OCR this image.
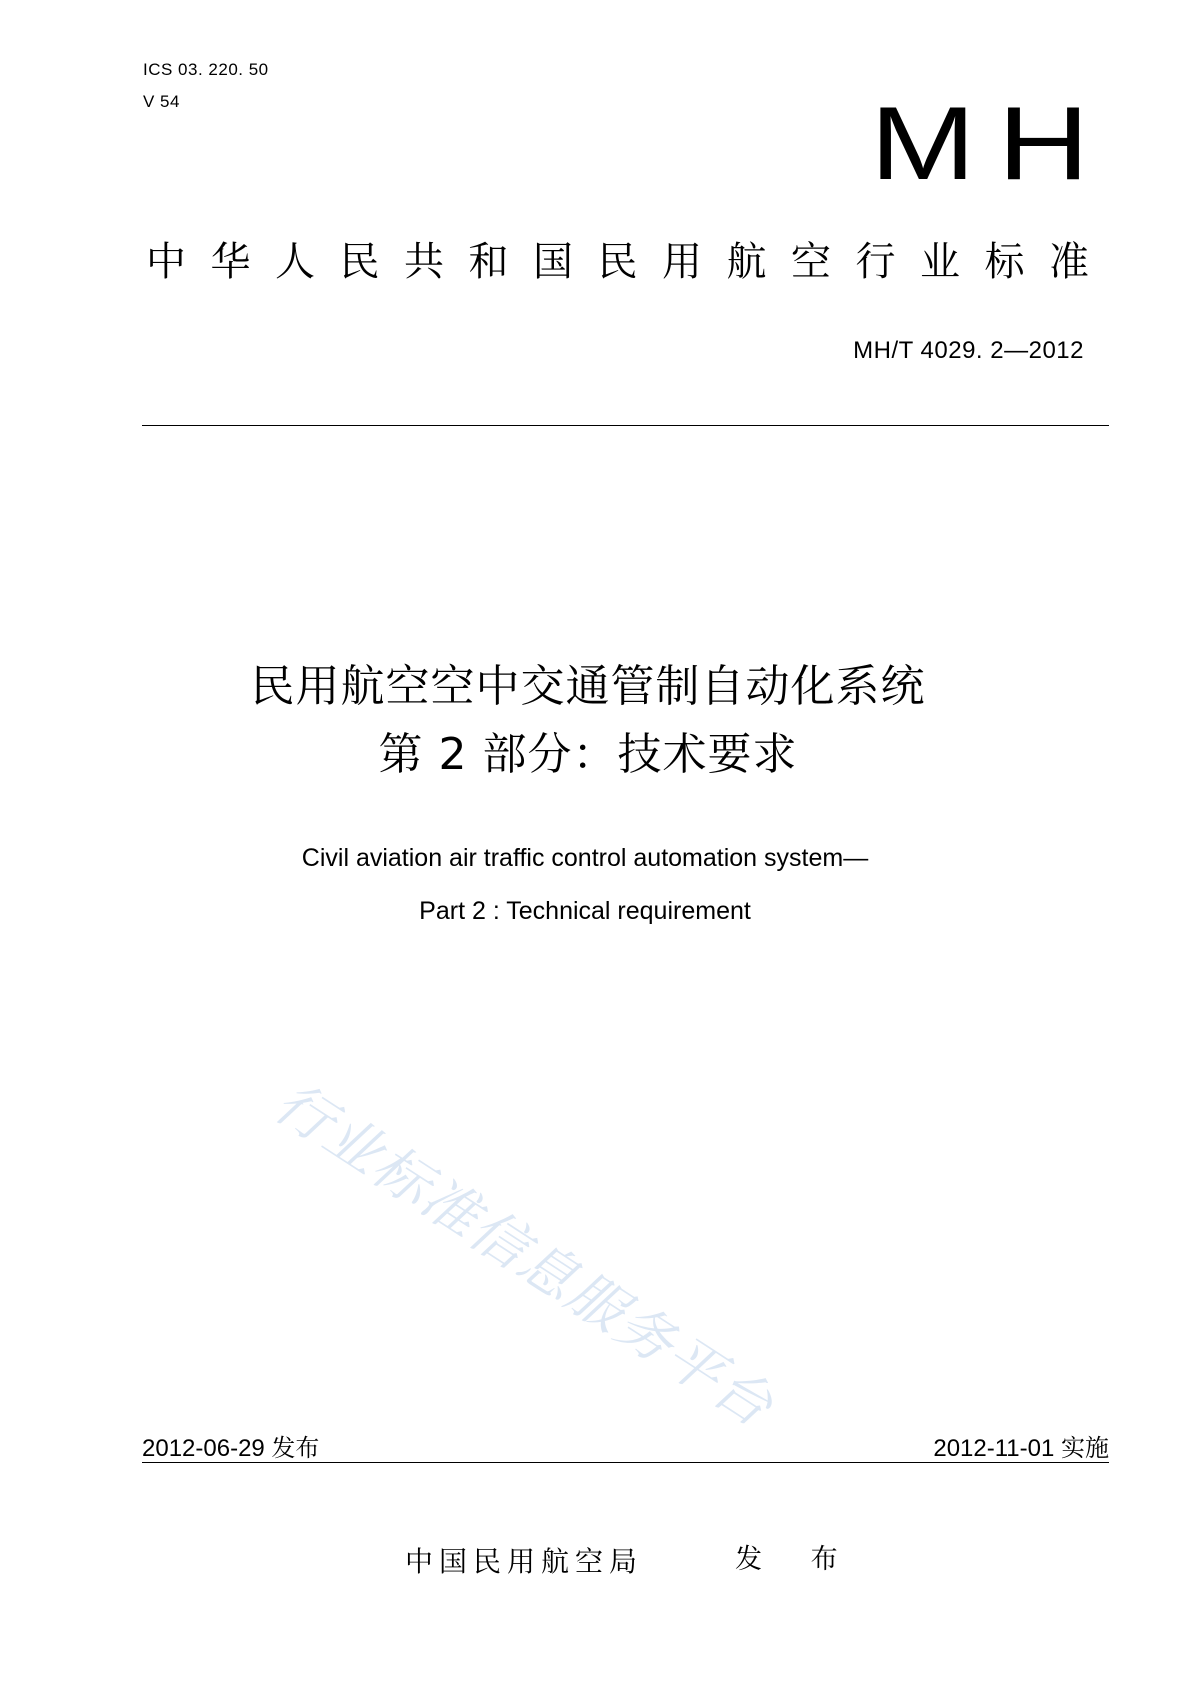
ICS 03. 220. 50
V 54	MH
中华人民共和国民用航空行业标准
MH/T 4029. 2—2012
民用航空空中交通管制自动化系统
第 2 部分：技术要求
Civil aviation air traffic control automation system—
Part 2 : Technical requirement
行业标准信息服务平台
2012-06-29 发布	2012-11-01 实施
中国民用航空局	发 布
